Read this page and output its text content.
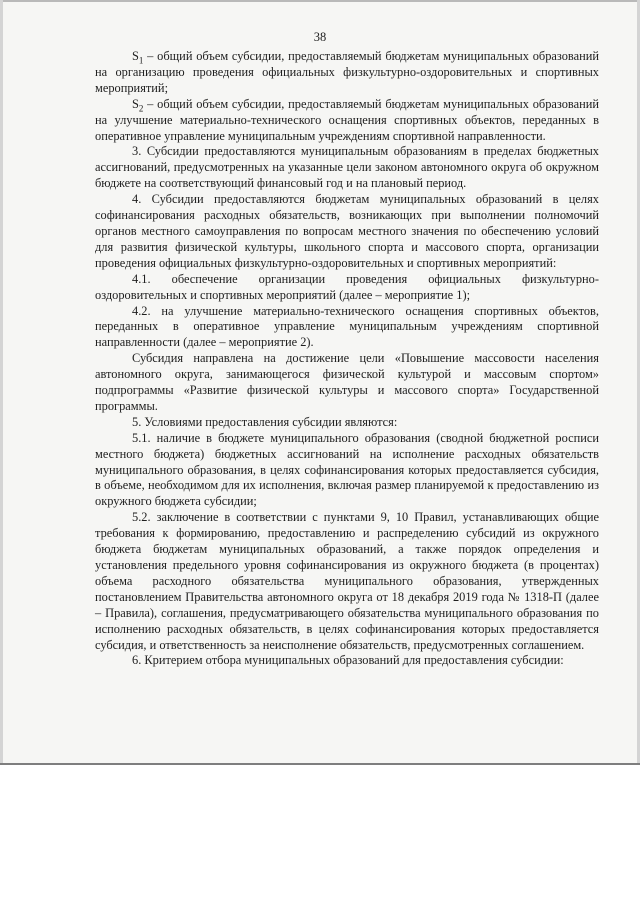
38

$S_1$ – общий объем субсидии, предоставляемый бюджетам муниципальных образований на организацию проведения официальных физкультурно-оздоровительных и спортивных мероприятий;

$S_2$ – общий объем субсидии, предоставляемый бюджетам муниципальных образований на улучшение материально-технического оснащения спортивных объектов, переданных в оперативное управление муниципальным учреждениям спортивной направленности.

3. Субсидии предоставляются муниципальным образованиям в пределах бюджетных ассигнований, предусмотренных на указанные цели законом автономного округа об окружном бюджете на соответствующий финансовый год и на плановый период.

4. Субсидии предоставляются бюджетам муниципальных образований в целях софинансирования расходных обязательств, возникающих при выполнении полномочий органов местного самоуправления по вопросам местного значения по обеспечению условий для развития физической культуры, школьного спорта и массового спорта, организации проведения официальных физкультурно-оздоровительных и спортивных мероприятий:

4.1. обеспечение организации проведения официальных физкультурно-оздоровительных и спортивных мероприятий (далее – мероприятие 1);

4.2. на улучшение материально-технического оснащения спортивных объектов, переданных в оперативное управление муниципальным учреждениям спортивной направленности (далее – мероприятие 2).

Субсидия направлена на достижение цели «Повышение массовости населения автономного округа, занимающегося физической культурой и массовым спортом» подпрограммы «Развитие физической культуры и массового спорта» Государственной программы.

5. Условиями предоставления субсидии являются:

5.1. наличие в бюджете муниципального образования (сводной бюджетной росписи местного бюджета) бюджетных ассигнований на исполнение расходных обязательств муниципального образования, в целях софинансирования которых предоставляется субсидия, в объеме, необходимом для их исполнения, включая размер планируемой к предоставлению из окружного бюджета субсидии;

5.2. заключение в соответствии с пунктами 9, 10 Правил, устанавливающих общие требования к формированию, предоставлению и распределению субсидий из окружного бюджета бюджетам муниципальных образований, а также порядок определения и установления предельного уровня софинансирования из окружного бюджета (в процентах) объема расходного обязательства муниципального образования, утвержденных постановлением Правительства автономного округа от 18 декабря 2019 года № 1318-П (далее – Правила), соглашения, предусматривающего обязательства муниципального образования по исполнению расходных обязательств, в целях софинансирования которых предоставляется субсидия, и ответственность за неисполнение обязательств, предусмотренных соглашением.

6. Критерием отбора муниципальных образований для предоставления субсидии:
